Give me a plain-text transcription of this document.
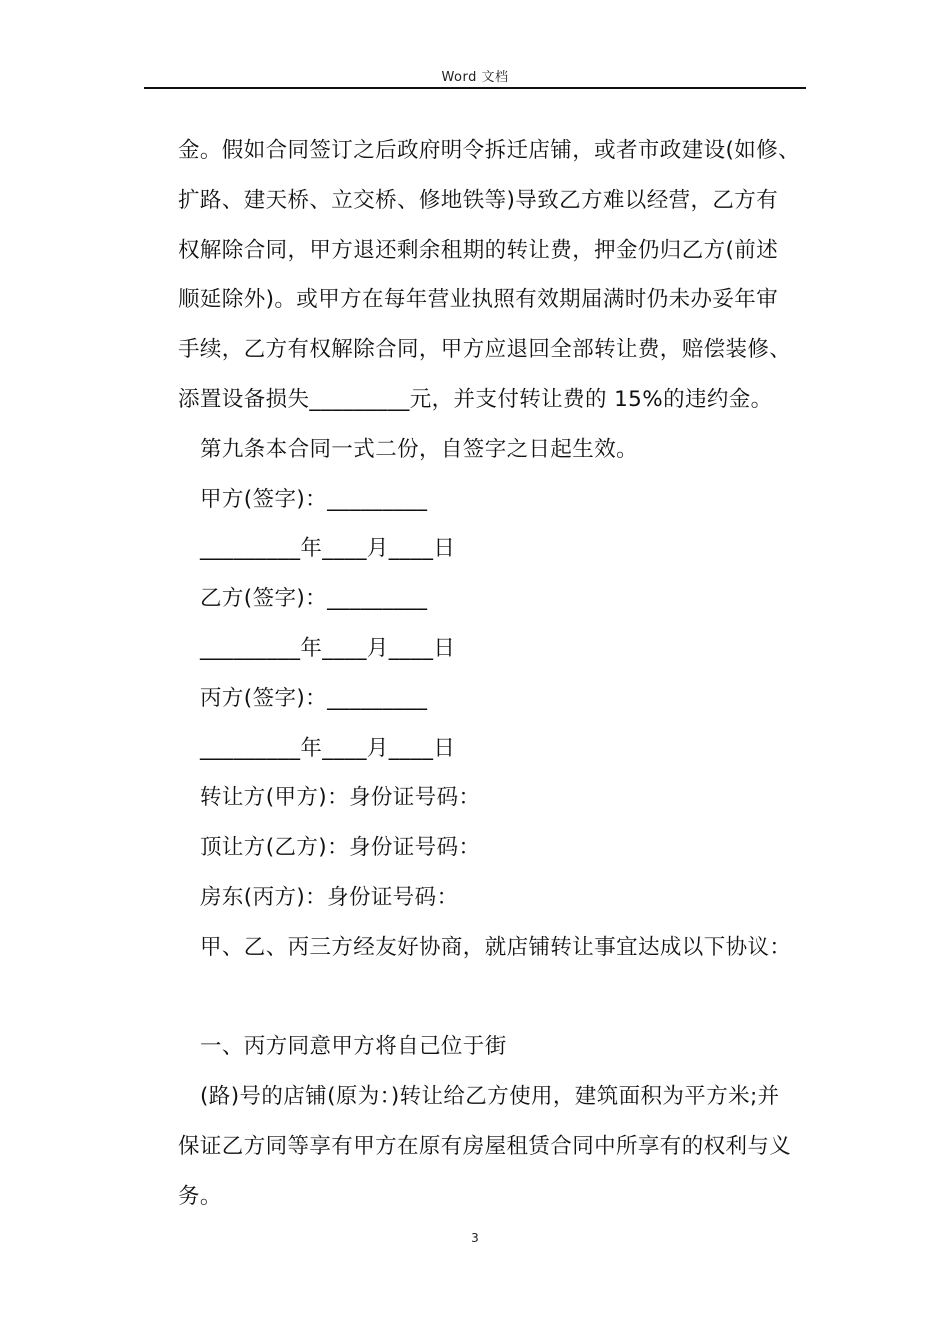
Word 文档
金。假如合同签订之后政府明令拆迁店铺，或者市政建设(如修、
扩路、建天桥、立交桥、修地铁等)导致乙方难以经营，乙方有
权解除合同，甲方退还剩余租期的转让费，押金仍归乙方(前述
顺延除外)。或甲方在每年营业执照有效期届满时仍未办妥年审
手续，乙方有权解除合同，甲方应退回全部转让费，赔偿装修、
添置设备损失_________元，并支付转让费的 15%的违约金。
第九条本合同一式二份，自签字之日起生效。
甲方(签字)：_________
_________年____月____日
乙方(签字)：_________
_________年____月____日
丙方(签字)：_________
_________年____月____日
转让方(甲方)：身份证号码：
顶让方(乙方)：身份证号码：
房东(丙方)：身份证号码：
甲、乙、丙三方经友好协商，就店铺转让事宜达成以下协议：
一、丙方同意甲方将自己位于街
(路)号的店铺(原为：)转让给乙方使用，建筑面积为平方米;并
保证乙方同等享有甲方在原有房屋租赁合同中所享有的权利与义
务。
3
